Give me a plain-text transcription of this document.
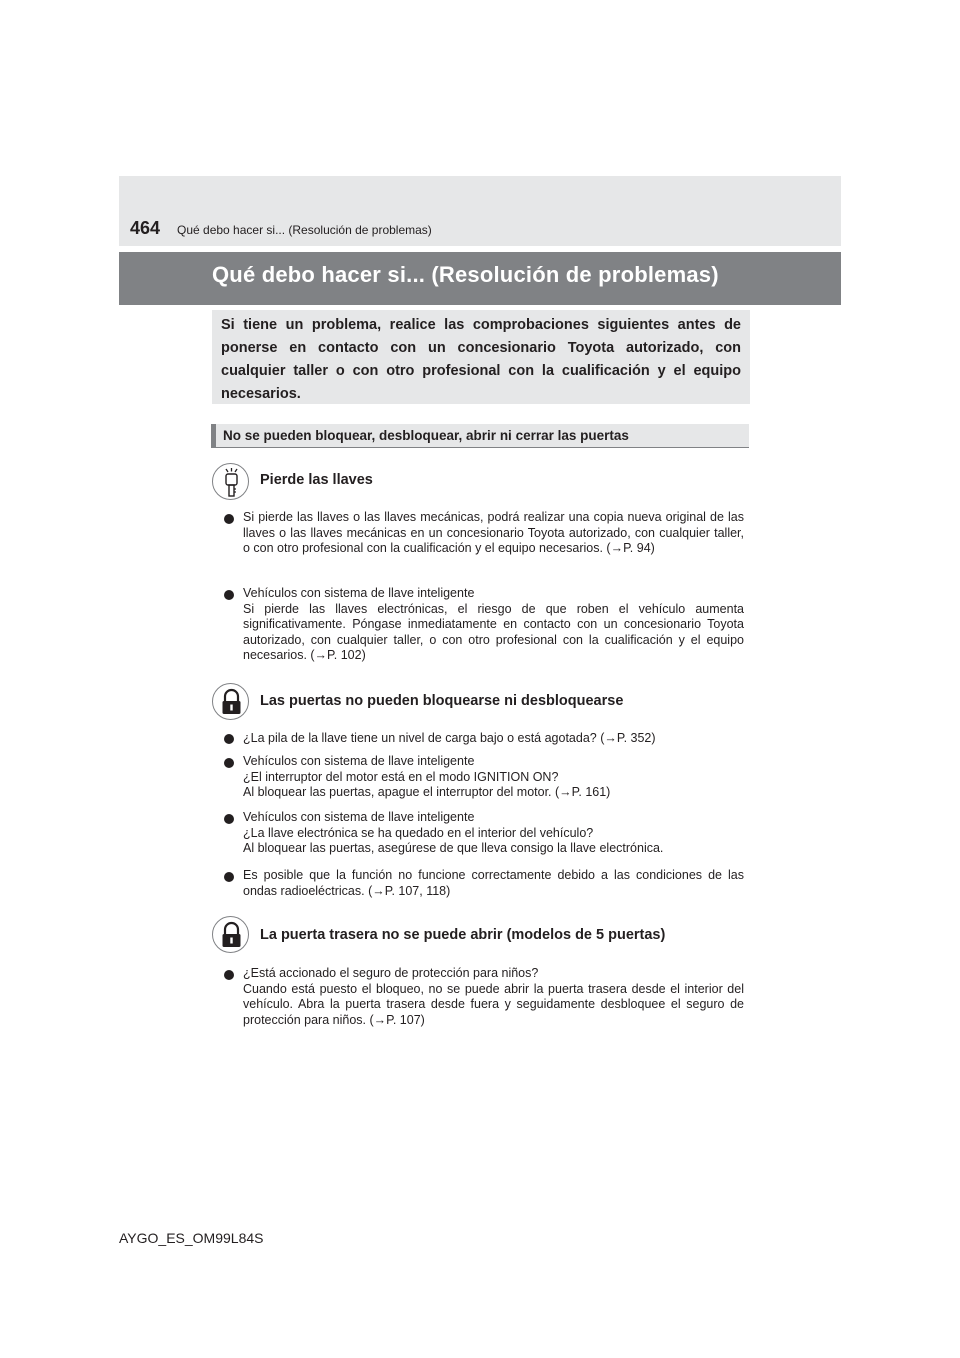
464 Qué debo hacer si... (Resolución de problemas)
Qué debo hacer si... (Resolución de problemas)
Si tiene un problema, realice las comprobaciones siguientes antes de ponerse en contacto con un concesionario Toyota autorizado, con cualquier taller o con otro profesional con la cualificación y el equipo necesarios.
No se pueden bloquear, desbloquear, abrir ni cerrar las puertas
Pierde las llaves
Si pierde las llaves o las llaves mecánicas, podrá realizar una copia nueva original de las llaves o las llaves mecánicas en un concesionario Toyota autorizado, con cualquier taller, o con otro profesional con la cualificación y el equipo necesarios. (→P. 94)
Vehículos con sistema de llave inteligente
Si pierde las llaves electrónicas, el riesgo de que roben el vehículo aumenta significativamente. Póngase inmediatamente en contacto con un concesionario Toyota autorizado, con cualquier taller, o con otro profesional con la cualificación y el equipo necesarios. (→P. 102)
Las puertas no pueden bloquearse ni desbloquearse
¿La pila de la llave tiene un nivel de carga bajo o está agotada? (→P. 352)
Vehículos con sistema de llave inteligente
¿El interruptor del motor está en el modo IGNITION ON?
Al bloquear las puertas, apague el interruptor del motor. (→P. 161)
Vehículos con sistema de llave inteligente
¿La llave electrónica se ha quedado en el interior del vehículo?
Al bloquear las puertas, asegúrese de que lleva consigo la llave electrónica.
Es posible que la función no funcione correctamente debido a las condiciones de las ondas radioeléctricas. (→P. 107, 118)
La puerta trasera no se puede abrir (modelos de 5 puertas)
¿Está accionado el seguro de protección para niños?
Cuando está puesto el bloqueo, no se puede abrir la puerta trasera desde el interior del vehículo. Abra la puerta trasera desde fuera y seguidamente desbloquee el seguro de protección para niños. (→P. 107)
AYGO_ES_OM99L84S
